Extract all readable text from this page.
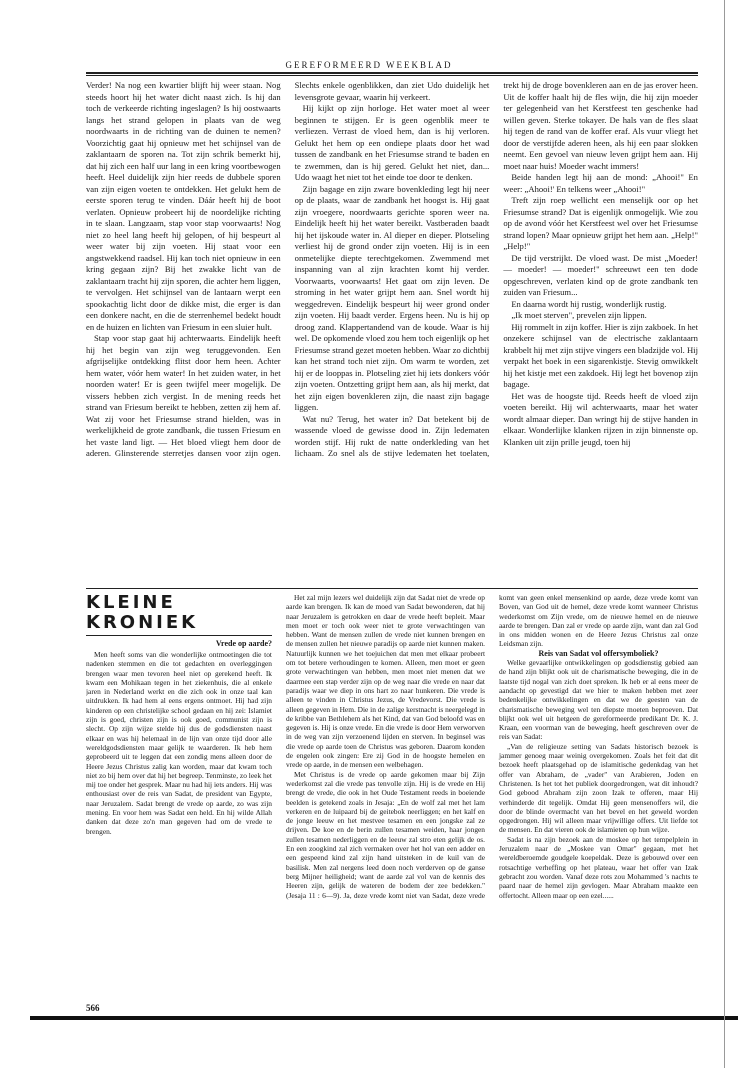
GEREFORMEERD WEEKBLAD

Verder! Na nog een kwartier blijft hij weer staan. Nog steeds hoort hij het water dicht naast zich. Is hij dan toch de verkeerde richting ingeslagen? Is hij oostwaarts langs het strand gelopen in plaats van de weg noordwaarts in de richting van de duinen te nemen? Voorzichtig gaat hij opnieuw met het schijnsel van de zaklantaarn de sporen na. Tot zijn schrik bemerkt hij, dat hij zich een half uur lang in een kring voortbewogen heeft. Heel duidelijk zijn hier reeds de dubbele sporen van zijn eigen voeten te ontdekken. Het gelukt hem de eerste sporen terug te vinden. Dáár heeft hij de boot verlaten. Opnieuw probeert hij de noordelijke richting in te slaan. Langzaam, stap voor stap voorwaarts! Nog niet zo heel lang heeft hij gelopen, of hij bespeurt al weer water bij zijn voeten. Hij staat voor een angstwekkend raadsel. Hij kan toch niet opnieuw in een kring gegaan zijn? Bij het zwakke licht van de zaklantaarn tracht hij zijn sporen, die achter hem liggen, te vervolgen. Het schijnsel van de lantaarn werpt een spookachtig licht door de dikke mist, die erger is dan een donkere nacht, en die de sterrenhemel bedekt houdt en de huizen en lichten van Friesum in een sluier hult.

Stap voor stap gaat hij achterwaarts. Eindelijk heeft hij het begin van zijn weg teruggevonden. Een afgrijselijke ontdekking flitst door hem heen. Achter hem water, vóór hem water! In het zuiden water, in het noorden water! Er is geen twijfel meer mogelijk. De vissers hebben zich vergist. In de mening reeds het strand van Friesum bereikt te hebben, zetten zij hem af. Wat zij voor het Friesumse strand hielden, was in werkelijkheid de grote zandbank, die tussen Friesum en het vaste land ligt. — Het bloed vliegt hem door de aderen. Glinsterende sterretjes dansen voor zijn ogen. Slechts enkele ogenblikken, dan ziet Udo duidelijk het levensgrote gevaar, waarin hij verkeert.

Hij kijkt op zijn horloge. Het water moet al weer beginnen te stijgen. Er is geen ogenblik meer te verliezen. Verrast de vloed hem, dan is hij verloren. Gelukt het hem op een ondiepe plaats door het wad tussen de zandbank en het Friesumse strand te baden en te zwemmen, dan is hij gered. Gelukt het niet, dan... Udo waagt het niet tot het einde toe door te denken.

Zijn bagage en zijn zware bovenkleding legt hij neer op de plaats, waar de zandbank het hoogst is. Hij gaat zijn vroegere, noordwaarts gerichte sporen weer na. Eindelijk heeft hij het water bereikt. Vastberaden baadt hij het ijskoude water in. Al dieper en dieper. Plotseling verliest hij de grond onder zijn voeten. Hij is in een onmetelijke diepte terechtgekomen. Zwemmend met inspanning van al zijn krachten komt hij verder. Voorwaarts, voorwaarts! Het gaat om zijn leven. De stroming in het water grijpt hem aan. Snel wordt hij weggedreven. Eindelijk bespeurt hij weer grond onder zijn voeten. Hij baadt verder. Ergens heen. Nu is hij op droog zand. Klappertandend van de koude. Waar is hij wel. De opkomende vloed zou hem toch eigenlijk op het Friesumse strand gezet moeten hebben. Waar zo dichtbij kan het strand toch niet zijn. Om warm te worden, zet hij er de looppas in. Plotseling ziet hij iets donkers vóór zijn voeten. Ontzetting grijpt hem aan, als hij merkt, dat het zijn eigen bovenkleren zijn, die naast zijn bagage liggen.

Wat nu? Terug, het water in? Dat betekent bij de wassende vloed de gewisse dood in. Zijn ledematen worden stijf. Hij rukt de natte onderkleding van het lichaam. Zo snel als de stijve ledematen het toelaten, trekt hij de droge bovenkleren aan en de jas erover heen. Uit de koffer haalt hij de fles wijn, die hij zijn moeder ter gelegenheid van het Kerstfeest ten geschenke had willen geven. Sterke tokayer. De hals van de fles slaat hij tegen de rand van de koffer eraf. Als vuur vliegt het door de verstijfde aderen heen, als hij een paar slokken neemt. Een gevoel van nieuw leven grijpt hem aan. Hij moet naar huis! Moeder wacht immers!

Beide handen legt hij aan de mond: „Ahooi!" En weer: „Ahooi!' En telkens weer „Ahooi!"

Treft zijn roep wellicht een menselijk oor op het Friesumse strand? Dat is eigenlijk onmogelijk. Wie zou op de avond vóór het Kerstfeest wel over het Friesumse strand lopen? Maar opnieuw grijpt het hem aan. „Help!" „Help!"

De tijd verstrijkt. De vloed wast. De mist „Moeder! — moeder! — moeder!" schreeuwt een ten dode opgeschreven, verlaten kind op de grote zandbank ten zuiden van Friesum...

En daarna wordt hij rustig, wonderlijk rustig.

„Ik moet sterven", prevelen zijn lippen.

Hij rommelt in zijn koffer. Hier is zijn zakboek. In het onzekere schijnsel van de electrische zaklantaarn krabbelt hij met zijn stijve vingers een bladzijde vol. Hij verpakt het boek in een sigarenkistje. Stevig omwikkelt hij het kistje met een zakdoek. Hij legt het bovenop zijn bagage.

Het was de hoogste tijd. Reeds heeft de vloed zijn voeten bereikt. Hij wil achterwaarts, maar het water wordt almaar dieper. Dan wringt hij de stijve handen in elkaar. Wonderlijke klanken rijzen in zijn binnenste op. Klanken uit zijn prille jeugd, toen hij

KLEINE KRONIEK
Vrede op aarde?

Men heeft soms van die wonderlijke ontmoetingen die tot nadenken stemmen en die tot gedachten en overleggingen brengen waar men tevoren heel niet op gerekend heeft. Ik kwam een Mohikaan tegen in het ziekenhuis, die al enkele jaren in Nederland werkt en die zich ook in onze taal kan uitdrukken. Ik had hem al eens ergens ontmoet. Hij had zijn kinderen op een christelijke school gedaan en hij zei: Islamiet zijn is goed, christen zijn is ook goed, communist zijn is slecht. Op zijn wijze stelde hij dus de godsdiensten naast elkaar en was hij helemaal in de lijn van onze tijd door alle wereldgodsdiensten maar gelijk te waarderen. Ik heb hem geprobeerd uit te leggen dat een zondig mens alleen door de Heere Jezus Christus zalig kan worden, maar dat kwam toch niet zo bij hem over dat hij het begreep. Tenminste, zo leek het mij toe onder het gesprek. Maar nu had hij iets anders. Hij was enthousiast over de reis van Sadat, de president van Egypte, naar Jeruzalem. Sadat brengt de vrede op aarde, zo was zijn mening. En voor hem was Sadat een held. En hij wilde Allah danken dat deze zo'n man gegeven had om de vrede te brengen.

Het zal mijn lezers wel duidelijk zijn dat Sadat niet de vrede op aarde kan brengen. Ik kan de moed van Sadat bewonderen, dat hij naar Jeruzalem is getrokken en daar de vrede heeft bepleit. Maar men moet er toch ook weer niet te grote verwachtingen van hebben. Want de mensen zullen de vrede niet kunnen brengen en de mensen zullen het nieuwe paradijs op aarde niet kunnen maken. Natuurlijk kunnen we het toejuichen dat men met elkaar probeert om tot betere verhoudingen te komen. Alleen, men moet er geen grote verwachtingen van hebben, men moet niet menen dat we daarmee een stap verder zijn op de weg naar die vrede en naar dat paradijs waar we diep in ons hart zo naar hunkeren. Die vrede is alleen te vinden in Christus Jezus, de Vredevorst. Die vrede is alleen gegeven in Hem. Die in de zalige kerstnacht is neergelegd in de kribbe van Bethlehem als het Kind, dat van God beloofd was en gegeven is. Hij is onze vrede. En die vrede is door Hem verworven in de weg van zijn verzoenend lijden en sterven. In beginsel was die vrede op aarde toen de Christus was geboren. Daarom konden de engelen ook zingen: Ere zij God in de hoogste hemelen en vrede op aarde, in de mensen een welbehagen.

Met Christus is de vrede op aarde gekomen maar bij Zijn wederkomst zal die vrede pas tenvolle zijn. Hij is de vrede en Hij brengt de vrede, die ook in het Oude Testament reeds in boeiende beelden is getekend zoals in Jesaja: „En de wolf zal met het lam verkeren en de luipaard bij de geitebok neerliggen; en het kalf en de jonge leeuw en het mestvee tesamen en een jongske zal ze drijven. De koe en de berin zullen tesamen weiden, haar jongen zullen tesamen nederliggen en de leeuw zal stro eten gelijk de os. En een zoogkind zal zich vermaken over het hol van een adder en een gespeend kind zal zijn hand uitsteken in de kuil van de basilisk. Men zal nergens leed doen noch verderven op de ganse berg Mijner heiligheid; want de aarde zal vol van de kennis des Heeren zijn, gelijk de wateren de bodem der zee bedekken." (Jesaja 11 : 6—9). Ja, deze vrede komt niet van Sadat, deze vrede komt van geen enkel mensenkind op aarde, deze vrede komt van Boven, van God uit de hemel, deze vrede komt wanneer Christus wederkomst om Zijn vrede, om de nieuwe hemel en de nieuwe aarde te brengen. Dan zal er vrede op aarde zijn, want dan zal God in ons midden wonen en de Heere Jezus Christus zal onze Leidsman zijn.

Reis van Sadat vol offersymboliek?

Welke gevaarlijke ontwikkelingen op godsdienstig gebied aan de hand zijn blijkt ook uit de charismatische beweging, die in de laatste tijd nogal van zich doet spreken. Ik heb er al eens meer de aandacht op gevestigd dat we hier te maken hebben met zeer bedenkelijke ontwikkelingen en dat we de geesten van de charismatische beweging wel ten diepste moeten beproeven. Dat blijkt ook wel uit hetgeen de gereformeerde predikant Dr. K. J. Kraan, een voorman van de beweging, heeft geschreven over de reis van Sadat:

„Van de religieuze setting van Sadats historisch bezoek is jammer genoeg maar weinig overgekomen. Zoals het feit dat dit bezoek heeft plaatsgehad op de islamitische gedenkdag van het offer van Abraham, de „vader" van Arabieren, Joden en Christenen. Is het tot het publiek doorgedrongen, wat dit inhoudt? God gebood Abraham zijn zoon Izak te offeren, maar Hij verhinderde dit tegelijk. Omdat Hij geen mensenoffers wil, die door de blinde overmacht van het bevel en het geweld worden opgedrongen. Hij wil alleen maar vrijwillige offers. Uit liefde tot de mensen. En dat vieren ook de islamieten op hun wijze.

Sadat is na zijn bezoek aan de moskee op het tempelplein in Jeruzalem naar de „Moskee van Omar" gegaan, met het wereldberoemde goudgele koepeldak. Deze is gebouwd over een rotsachtige verheffing op het plateau, waar het offer van Izak gebracht zou worden. Vanaf deze rots zou Mohammed 's nachts te paard naar de hemel zijn gevlogen. Maar Abraham maakte een offertocht. Alleen maar op een ezel......

566
